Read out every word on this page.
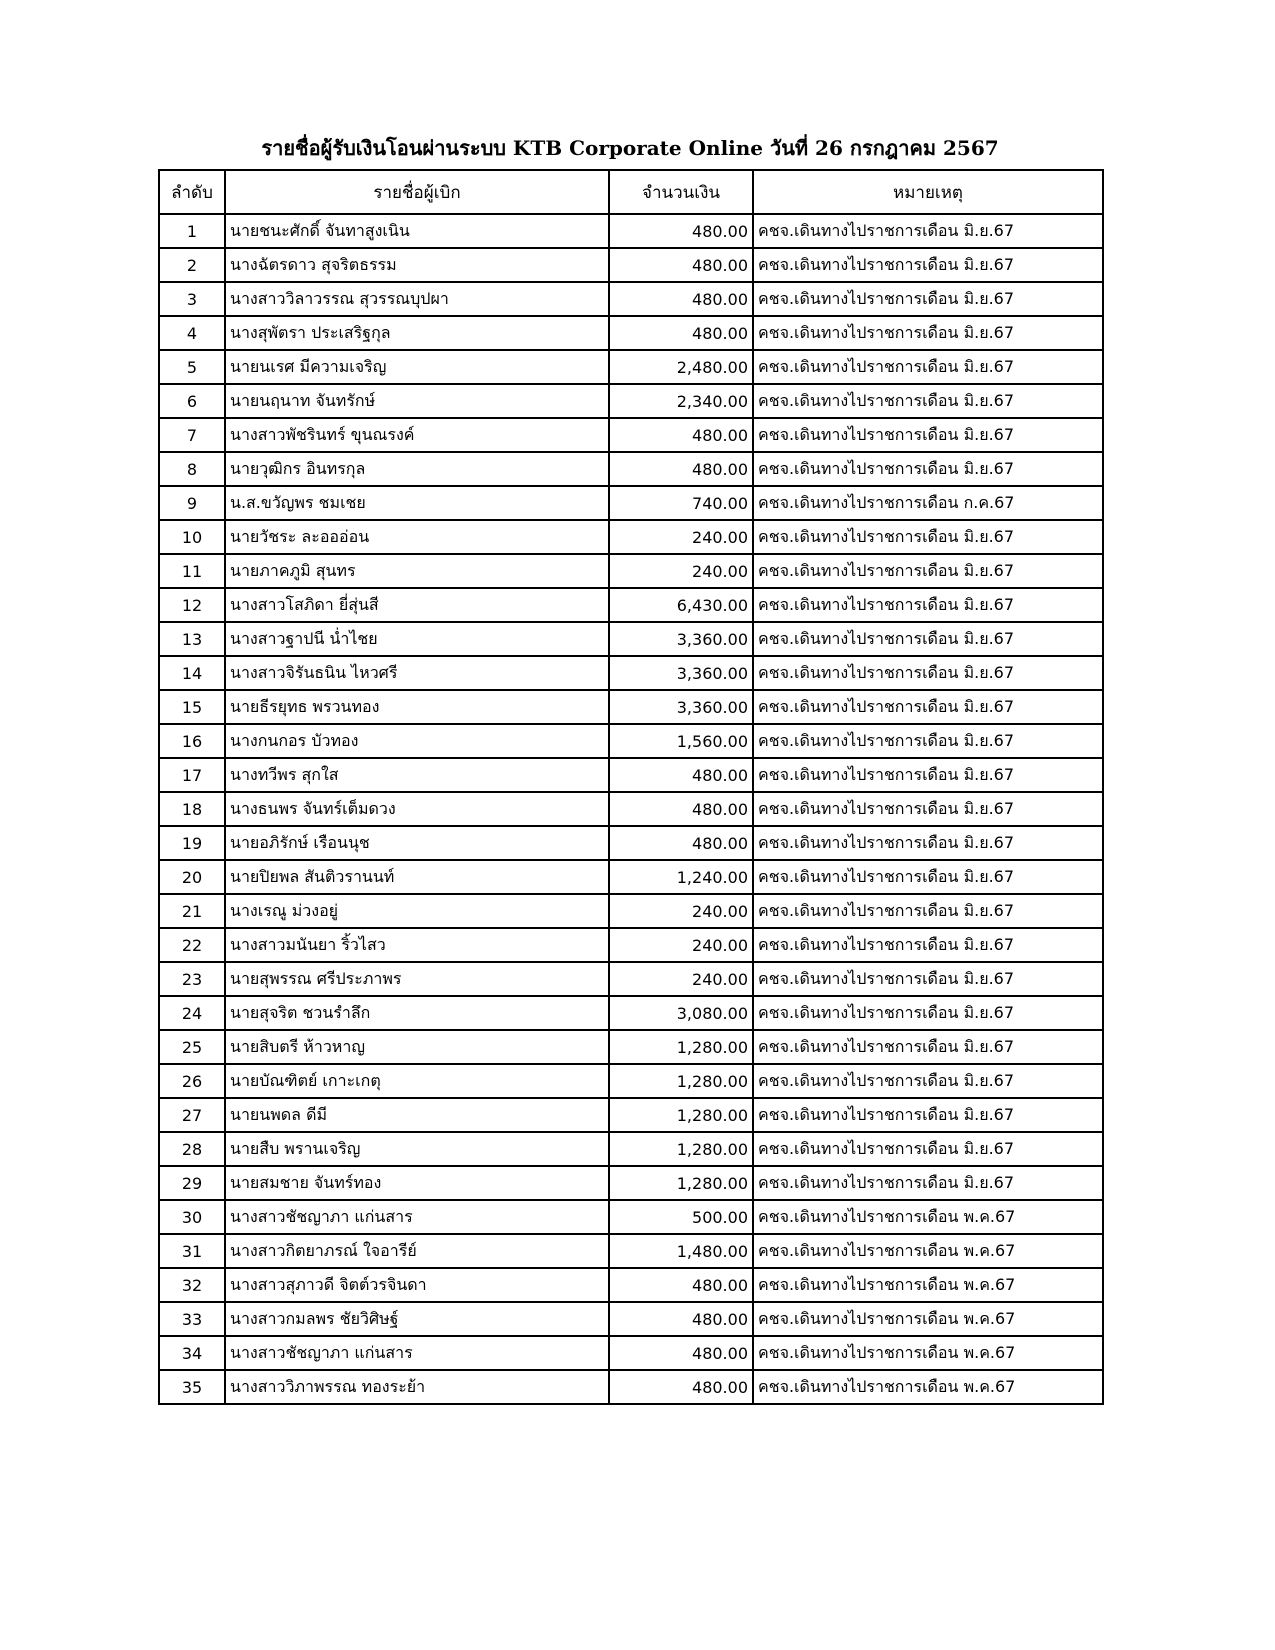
รายชื่อผู้รับเงินโอนผ่านระบบ KTB Corporate Online วันที่ 26 กรกฎาคม 2567
ลำดับ	รายชื่อผู้เบิก	จำนวนเงิน	หมายเหตุ
1	นายชนะศักดิ์ จันทาสูงเนิน	480.00	คชจ.เดินทางไปราชการเดือน มิ.ย.67
2	นางฉัตรดาว สุจริตธรรม	480.00	คชจ.เดินทางไปราชการเดือน มิ.ย.67
3	นางสาววิลาวรรณ สุวรรณบุปผา	480.00	คชจ.เดินทางไปราชการเดือน มิ.ย.67
4	นางสุพัตรา ประเสริฐกุล	480.00	คชจ.เดินทางไปราชการเดือน มิ.ย.67
5	นายนเรศ มีความเจริญ	2,480.00	คชจ.เดินทางไปราชการเดือน มิ.ย.67
6	นายนฤนาท จันทรักษ์	2,340.00	คชจ.เดินทางไปราชการเดือน มิ.ย.67
7	นางสาวพัชรินทร์ ขุนณรงค์	480.00	คชจ.เดินทางไปราชการเดือน มิ.ย.67
8	นายวุฒิกร อินทรกุล	480.00	คชจ.เดินทางไปราชการเดือน มิ.ย.67
9	น.ส.ขวัญพร ชมเชย	740.00	คชจ.เดินทางไปราชการเดือน ก.ค.67
10	นายวัชระ ละอออ่อน	240.00	คชจ.เดินทางไปราชการเดือน มิ.ย.67
11	นายภาคภูมิ สุนทร	240.00	คชจ.เดินทางไปราชการเดือน มิ.ย.67
12	นางสาวโสภิดา ยี่สุ่นสี	6,430.00	คชจ.เดินทางไปราชการเดือน มิ.ย.67
13	นางสาวฐาปนี น่ำไชย	3,360.00	คชจ.เดินทางไปราชการเดือน มิ.ย.67
14	นางสาวจิรันธนิน ไหวศรี	3,360.00	คชจ.เดินทางไปราชการเดือน มิ.ย.67
15	นายธีรยุทธ พรวนทอง	3,360.00	คชจ.เดินทางไปราชการเดือน มิ.ย.67
16	นางกนกอร บัวทอง	1,560.00	คชจ.เดินทางไปราชการเดือน มิ.ย.67
17	นางทวีพร สุกใส	480.00	คชจ.เดินทางไปราชการเดือน มิ.ย.67
18	นางธนพร จันทร์เต็มดวง	480.00	คชจ.เดินทางไปราชการเดือน มิ.ย.67
19	นายอภิรักษ์ เรือนนุช	480.00	คชจ.เดินทางไปราชการเดือน มิ.ย.67
20	นายปิยพล สันติวรานนท์	1,240.00	คชจ.เดินทางไปราชการเดือน มิ.ย.67
21	นางเรณู ม่วงอยู่	240.00	คชจ.เดินทางไปราชการเดือน มิ.ย.67
22	นางสาวมนันยา ริ้วไสว	240.00	คชจ.เดินทางไปราชการเดือน มิ.ย.67
23	นายสุพรรณ ศรีประภาพร	240.00	คชจ.เดินทางไปราชการเดือน มิ.ย.67
24	นายสุจริต ชวนรำลึก	3,080.00	คชจ.เดินทางไปราชการเดือน มิ.ย.67
25	นายสิบตรี ห้าวหาญ	1,280.00	คชจ.เดินทางไปราชการเดือน มิ.ย.67
26	นายบัณฑิตย์ เกาะเกตุ	1,280.00	คชจ.เดินทางไปราชการเดือน มิ.ย.67
27	นายนพดล ดีมี	1,280.00	คชจ.เดินทางไปราชการเดือน มิ.ย.67
28	นายสืบ พรานเจริญ	1,280.00	คชจ.เดินทางไปราชการเดือน มิ.ย.67
29	นายสมชาย จันทร์ทอง	1,280.00	คชจ.เดินทางไปราชการเดือน มิ.ย.67
30	นางสาวชัชญาภา แก่นสาร	500.00	คชจ.เดินทางไปราชการเดือน พ.ค.67
31	นางสาวกิตยาภรณ์ ใจอารีย์	1,480.00	คชจ.เดินทางไปราชการเดือน พ.ค.67
32	นางสาวสุภาวดี จิตต์วรจินดา	480.00	คชจ.เดินทางไปราชการเดือน พ.ค.67
33	นางสาวกมลพร ชัยวิศิษฐ์	480.00	คชจ.เดินทางไปราชการเดือน พ.ค.67
34	นางสาวชัชญาภา แก่นสาร	480.00	คชจ.เดินทางไปราชการเดือน พ.ค.67
35	นางสาววิภาพรรณ ทองระย้า	480.00	คชจ.เดินทางไปราชการเดือน พ.ค.67
